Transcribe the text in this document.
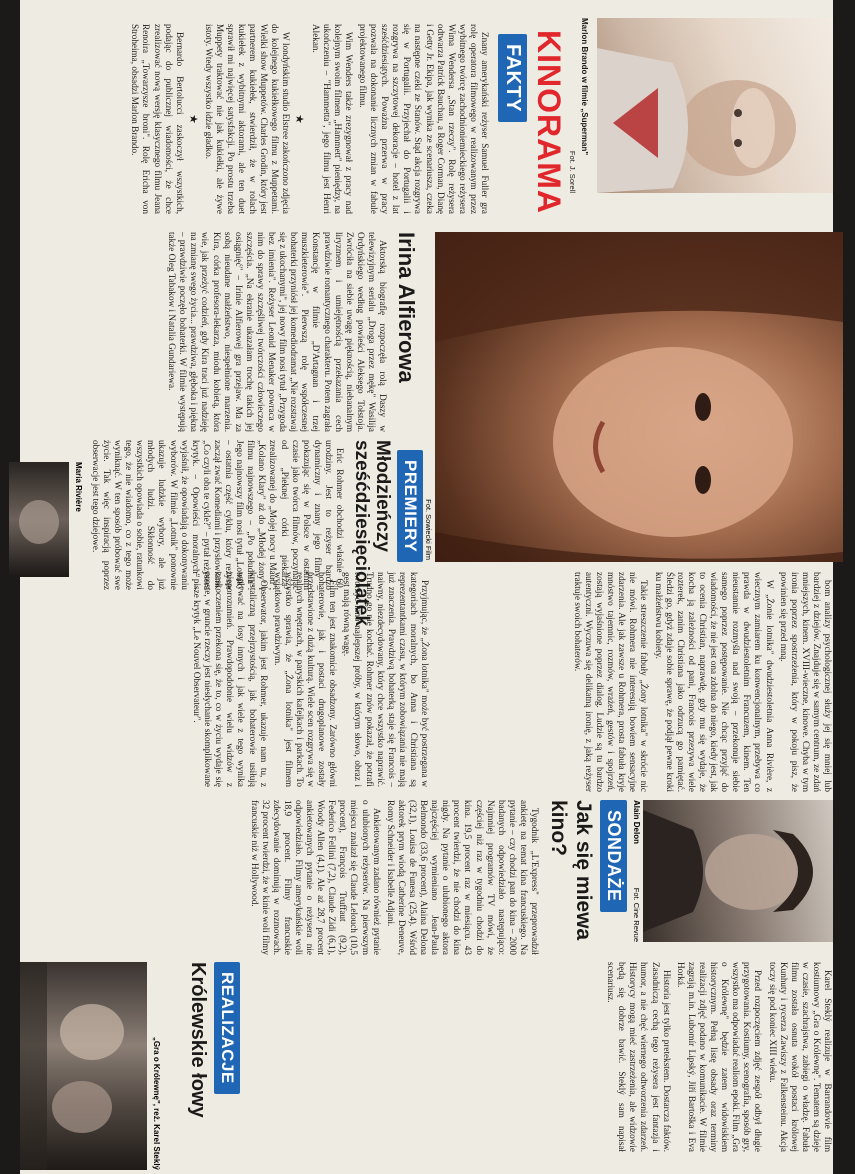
Marlon Brando w filmie „Superman"
Fot. J. Sorell
KINORAMA
FAKTY

Znany amerykański reżyser Samuel Fuller gra rolę operatora filmowego w realizowanym przez wybitnego twórcę zachodnioniemieckiego reżysera Wima Wendersa „Stan rzeczy". Rolę reżysera odtwarza Patrick Bauchau, a Roger Corman, Dianę i Getty Jr. Ekipa, jak wynika ze scenariusza, czeka na następne czeki ze Stanów. Stąd akcja rozgrywa się w Portugalii. Przyjechał do Portugalii i rozgrywa na szczytowej dekoracje – hotel z lat sześćdziesiątych. Poważna przerwa w pracy pozwala na dokonanie licznych zmian w fabule projektowanego filmu.

Wim Wenders także zrezygnował z pracy nad kolejnym swoim filmem „Hammett" pieniędzy, na ukończeniu – "Hammetta", jego filmu jest Henri Alekan.

★

W londyńskim studio Elstree zakończono zdjęcia do kolejnego kukiełkowego filmu z Muppetami. Wielki show Muppetów. Charles Grodin, który jest partnerem kukiełek, stwierdził, że w rolach kukiełek z wybitnymi aktorami, ale ten duet sprawił mi najwięcej satysfakcji. Po prostu trzeba Muppety traktować nie jak kukiełki, ale żywe istoty. Wtedy wszystko idzie gładko.

★

Bernardo Bertolucci zaskoczył wszystkich, podając do publicznej wiadomości, że chce zrealizować nową wersję klasycznego filmu Jeana Renoira „Towarzysze broni". Rolę Ericha von Stroheima, obsadzi Marlon Brando.

Fot. Sowiecki Film
Irina Alfierowa

Aktorską biografię rozpoczęła rolą Daszy w telewizyjnym serialu „Droga przez mękę" Wasilija Ordyńskiego według powieści Aleksego Tołstoja. Zwróciła na siebie uwagę pięknością, niebanalnym liryzmem i umiejętnością przekazania cech prawdziwie romantycznego charakteru. Potem zagrała Konstancję w filmie „D'Artagnan i trzej muszkieterowie". Pierwszą rolę współczesnej bohaterki przyniósł jej komediodramat „Nie rozstawaj się z ukochanymi", jej nowy film nosi tytuł „Przygoda bez imienia". Reżyser Leonid Menaker powraca w nim do sprawy szczęśliwej twórczości człowieczego szczęścia. „Na ekranie ukazałam trochę takich jej osiągnięć" – Irinie Alfierowej gra przejaw. Ma za sobą nieudane małżeństwo, niespełnione marzenia. Kira, córka profesora-lekarza, miodu kobietą, która wie, jak przeżyć codzień, gdy Kira traci już nadzieję na zmianę swego życia... prawdziwa, głęboka i piękna – prawdziwie poczęło bohaterki. W filmie występują także Oleg Tabakow i Natalia Gundariewa.

PREMIERY
Młodzieńczy sześćdziesięciolatek

Eric Rohmer obchodzi właśnie 60. urodziny. Jest to reżyser bardzo dynamiczny i znany jego filmy – pokazując się w Polsce w ostatnim czasie jako twórca filmów, poczynając od „Pieknej córki piekarza" zrealizowanej do „Mojej nocy u Maud", „Kolano Klary" aż do „Młodej żony" i filmu najnowszego – „Po południu". Jego najnowszy film nosi tytuł „Lotnik" – ostatnia część cyklu, który reżyser zaczął zwać Komediami i przysłowiami. „Co czyli oba te cykle?" – pytał reżysera krytyk. – Opowieści moralnych" – wyjaśnił, że opowiadają o dokonywaniu wyborów. W filmie „Lotnik" ponownie ukazuje ludzkie wybory, ale już młodych ludzi. Skłonność do wszystkich opowiada o sobie, ratunkowi tego, że nie wiadomo, co z tego może wyniknąć. W ten sposób próbować swe życie. Tak więc inspiracją poprzez obserwacje jest tego dziejowe.

Maria Rivière

bom analizy psychologicznej służy jej się mniej lub bardziej z dziejów. Znajduje się w samym centrum, ze zdań mniejszych, kinem. XVIII-wieczne, kinowe. Chyba w tym ironia poprzez spostrzeżenia, który w pokoju pisz, że powinien się przed mną.

W „Żonie lotnika" dwudziestoletnia Anna Rivière, z wiecznym zamiarem ku konwencjonalnym, przebywa co prawda w dwudziestoletnim Francuzem, kinem. Ten nieustannie rozmyśla nad swoją – przekonuje siebie samego poprzez postępowanie. Nie chcąc przyjąć do wiadomości, że nie jest ona zdolna do niego, kiedy jest, jak to ocenia Christian, naprawdę, gdy mu się wydaje, że kocha ją zależności od pani, Francois przezywa wiele rozterek, zanim Christiana jako odrzucą go pamiętać. Śledzi go, gdyż zdaje sobie sprawę, że podjął pewne kroki ku małżeństwu kobiety.

Takie streszczenie fabuły „Żony lotnika" w skrócie nic nie mówi. Rohmera nie interesują bowiem sensacyjne zdarzenia. Ale jak zawsze u Rohmera, prosta fabuła kryje mnóstwo tajemnic, rozmów, wrażeń, gestów i spojrzeń, zostają wyjaśnione poprzez dialog. Ludzie są tu bardzo autentyczni. Wyczuwa się delikatną ironię, z jaką reżyser traktuje swoich bohaterów.

Przyjmując, że „Żona lotnika" może być postrzegana w kategoriach moralnych, bo Anna i Christiana są reprezentantkami czasu, w którym zobowiązania nie mają już znaczenia. Prawdziwą bohaterką staje się Francois – naiwny, niezdecydowany, który chce wszystko naprawić. Trudno go nie kochać. Rohmer znów pokazał, że potrafi tworzyć kino najlepszej próby, w którym słowo, obraz i gest mają równą wagę.

Film ten jest znakomicie obsadzony. Zarówno główni bohaterowie, jak i postaci drugoplanowe zostały przedstawione z dużą kulturą. Wiele scen rozgrywa się w realnych wnętrzach, w paryskich kafejkach i parkach. To wszystko sprawia, że „Żona lotnika" jest filmem wyjątkowo prawdziwym.

Obserwator, jakim jest Rohmer, ukazuje nam tu, z krystaliczną przejrzystością, jak bohaterowie usiłują wpływać na losy innych i jak wiele z tego wynika nieporozumień. Prawdopodobnie wielu widzów z zaskoczeniem przekona się, że to, co w życiu wydaje się proste, w gruncie rzeczy jest niesłychanie skomplikowane – pisze krytyk „Le Nouvel Observateur".

Alain Delon
Fot. Cine Revue
SONDAŻE
Jak się miewa kino?

Tygodnik „L'Express" przeprowadził ankietę na temat kina francuskiego. Na pytanie – czy chodzi pan do kina – 2000 badanych odpowiedziało następująco: Najmniej programów TV mówi, że częściej niż raz w tygodniu chodzi do kina. 19,5 procent raz w miesiącu. 43 procent twierdzi, że nie chodzi do kina nigdy. Na pytanie o ulubionego aktora najczęściej wymieniano Jean-Paula Belmondo (33,6 procent), Alaina Delona (32,1), Louisa de Funesa (25,4). Wśród aktorek prym wiodą Catherine Deneuve, Romy Schneider i Isabelle Adjani.

Ankietowanym zadano również pytanie o ulubionych reżyserów. Na pierwszym miejscu znalazł się Claude Lelouch (10,5 procent), François Truffaut (9,2), Federico Fellini (7,2), Claude Zidi (6,1), Woody Allen (4,1). Ale aż 28,7 procent ankietowanych pytanie o reżysera nie odpowiedziało. Filmy amerykańskie woli 18,9 procent. Filmy francuskie zdecydowanie dominują w rozmowach. 32 procent twierdzi, że w kinie woli filmy francuskie niż w Hollywood.

Karel Steklý realizuje w Barrandovie film kostiumowy „Gra o Królewnę". Tematem są dzieje w czasie, szachrajstwa, zabiegi o władzę. Fabuła filmu została osnuta wokół postaci królowej Kunhuty i rycerza Zawiszy z Falkensteinu. Akcja toczy się pod koniec XIII wieku.

Przed rozpoczęciem zdjęć zespół odbył długie przygotowania. Kostiumy, scenografia, sposób gry, wszystko ma odpowiadać realiom epoki. Film „Gra o Królewnę" będzie zatem widowiskiem historycznym. Pełną listę obsady oraz terminy realizacji zdjęć podano w komunikacie. W filmie zagrają m.in. Lubomír Lipský, Jiří Bartoška i Eva Horká.

Historia jest tylko pretekstem. Dostarcza faktów. Zasadniczą cechą tego reżysera jest fantazja i humor, a nie chęć wiernego odtworzenia zdarzeń. Historycy mogą mieć zastrzeżenia, ale widzowie będą się dobrze bawić. Steklý sam napisał scenariusz.

REALIZACJE
Królewskie łowy
„Gra o Królewnę", reż. Karel Steklý
